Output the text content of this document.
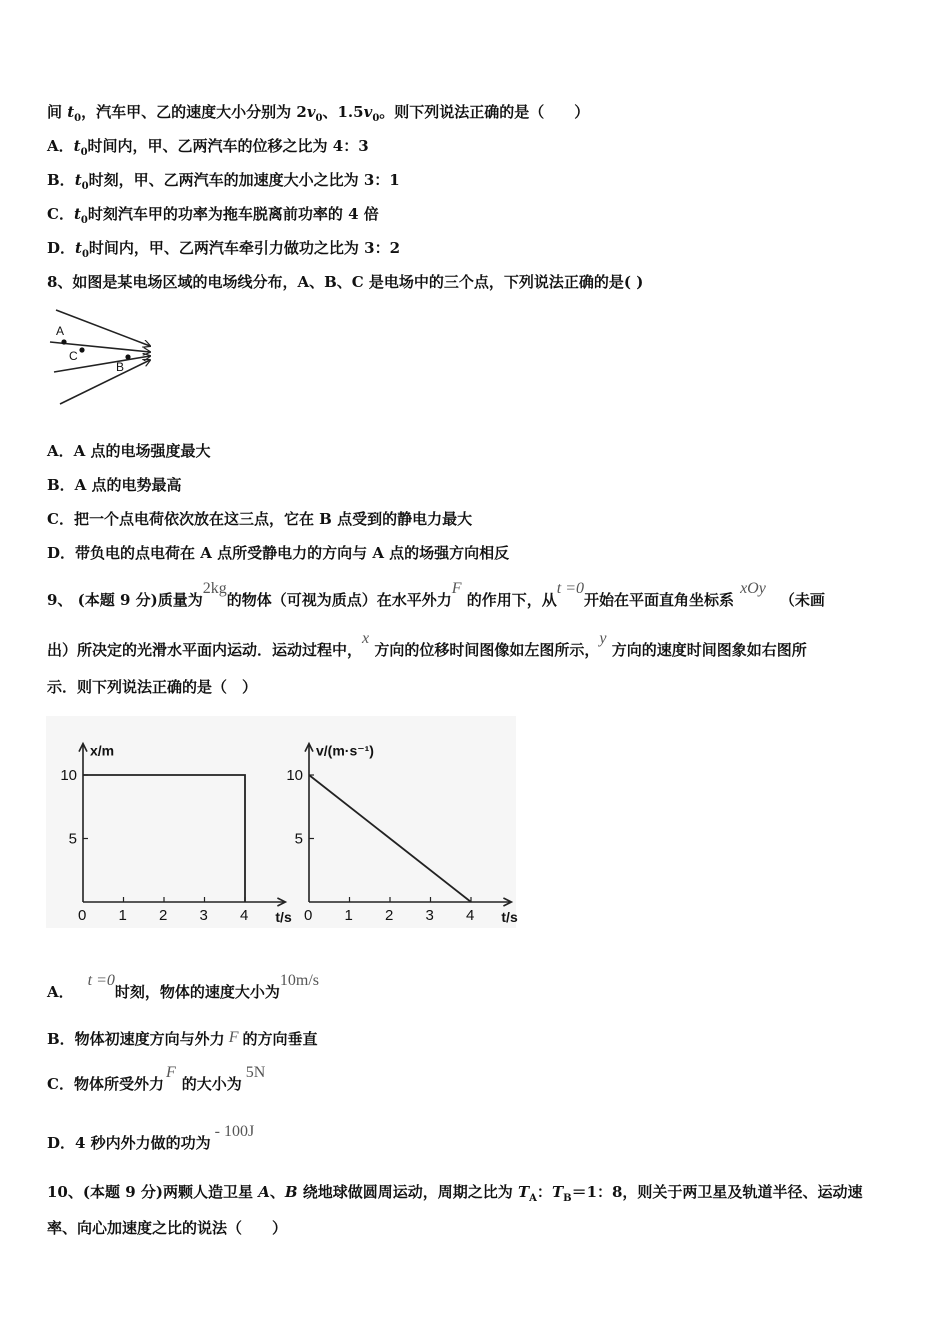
间 $t_0$，汽车甲、乙的速度大小分别为 $2v_0$、$1.5v_0$。则下列说法正确的是（　　）
A．$t_0$时间内，甲、乙两汽车的位移之比为 4：3
B．$t_0$时刻，甲、乙两汽车的加速度大小之比为 3：1
C．$t_0$时刻汽车甲的功率为拖车脱离前功率的 4 倍
D．$t_0$时间内，甲、乙两汽车牵引力做功之比为 3：2
8、如图是某电场区域的电场线分布，A、B、C 是电场中的三个点，下列说法正确的是( )
A
C
B
A．A 点的电场强度最大
B．A 点的电势最高
C．把一个点电荷依次放在这三点，它在 B 点受到的静电力最大
D．带负电的点电荷在 A 点所受静电力的方向与 A 点的场强方向相反
9、 (本题 9 分)质量为2kg的物体（可视为质点）在水平外力F 的作用下，从t =0开始在平面直角坐标系xOy（未画
出）所决定的光滑水平面内运动．运动过程中，x 方向的位移时间图像如左图所示，y 方向的速度时间图象如右图所
示．则下列说法正确的是（　）
0 1 2 3 4
5
10
x/m
t/s 0 1 2 3 4
5
10
v/(m·s⁻¹)
t/s
A．t =0时刻，物体的速度大小为10m/s
B．物体初速度方向与外力 F 的方向垂直
C．物体所受外力F的大小为5N
D．4 秒内外力做的功为- 100J
10、(本题 9 分)两颗人造卫星 A、B 绕地球做圆周运动，周期之比为 $T_A$：$T_B=1$：8，则关于两卫星及轨道半径、运动速
率、向心加速度之比的说法（　　）
